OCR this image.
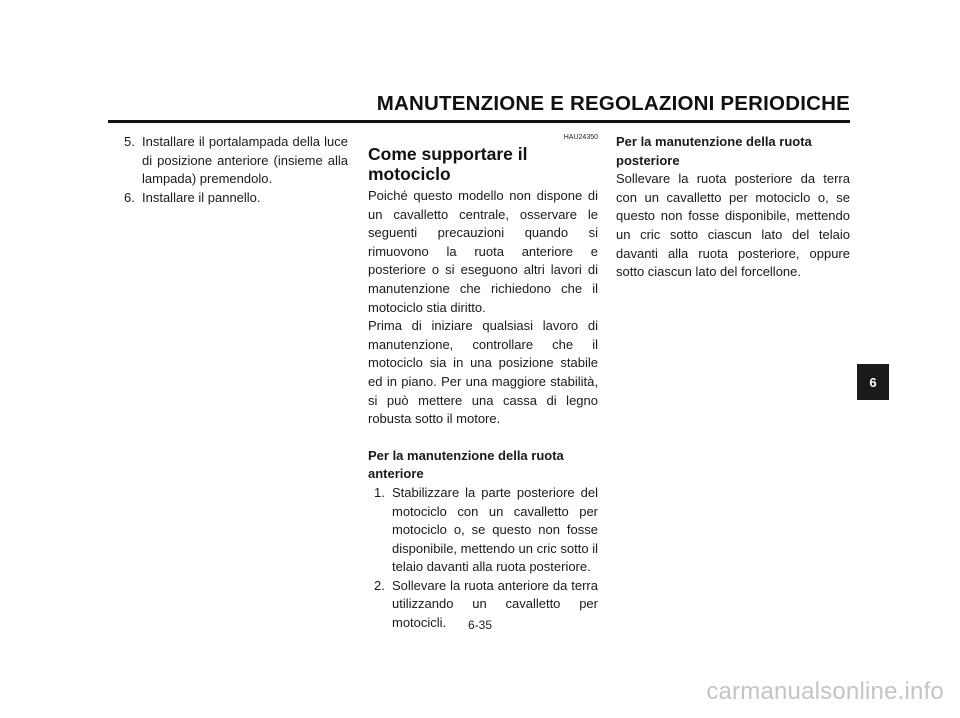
MANUTENZIONE E REGOLAZIONI PERIODICHE
5. Installare il portalampada della luce di posizione anteriore (insieme alla lampada) premendolo.
6. Installare il pannello.
HAU24350
Come supportare il motociclo

Poiché questo modello non dispone di un cavalletto centrale, osservare le seguenti precauzioni quando si rimuovono la ruota anteriore e posteriore o si eseguono altri lavori di manutenzione che richiedono che il motociclo stia diritto.

Prima di iniziare qualsiasi lavoro di manutenzione, controllare che il motociclo sia in una posizione stabile ed in piano. Per una maggiore stabilità, si può mettere una cassa di legno robusta sotto il motore.

Per la manutenzione della ruota anteriore

1. Stabilizzare la parte posteriore del motociclo con un cavalletto per motociclo o, se questo non fosse disponibile, mettendo un cric sotto il telaio davanti alla ruota posteriore.
2. Sollevare la ruota anteriore da terra utilizzando un cavalletto per motocicli.

Per la manutenzione della ruota posteriore

Sollevare la ruota posteriore da terra con un cavalletto per motociclo o, se questo non fosse disponibile, mettendo un cric sotto ciascun lato del telaio davanti alla ruota posteriore, oppure sotto ciascun lato del forcellone.

6
6-35
carmanualsonline.info
